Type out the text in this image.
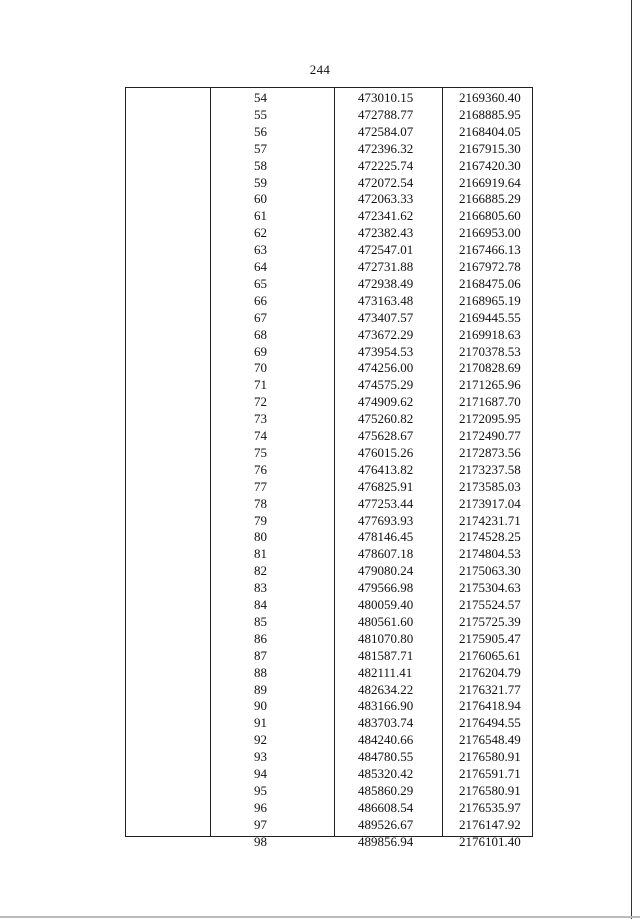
244
54	473010.15	2169360.40
55	472788.77	2168885.95
56	472584.07	2168404.05
57	472396.32	2167915.30
58	472225.74	2167420.30
59	472072.54	2166919.64
60	472063.33	2166885.29
61	472341.62	2166805.60
62	472382.43	2166953.00
63	472547.01	2167466.13
64	472731.88	2167972.78
65	472938.49	2168475.06
66	473163.48	2168965.19
67	473407.57	2169445.55
68	473672.29	2169918.63
69	473954.53	2170378.53
70	474256.00	2170828.69
71	474575.29	2171265.96
72	474909.62	2171687.70
73	475260.82	2172095.95
74	475628.67	2172490.77
75	476015.26	2172873.56
76	476413.82	2173237.58
77	476825.91	2173585.03
78	477253.44	2173917.04
79	477693.93	2174231.71
80	478146.45	2174528.25
81	478607.18	2174804.53
82	479080.24	2175063.30
83	479566.98	2175304.63
84	480059.40	2175524.57
85	480561.60	2175725.39
86	481070.80	2175905.47
87	481587.71	2176065.61
88	482111.41	2176204.79
89	482634.22	2176321.77
90	483166.90	2176418.94
91	483703.74	2176494.55
92	484240.66	2176548.49
93	484780.55	2176580.91
94	485320.42	2176591.71
95	485860.29	2176580.91
96	486608.54	2176535.97
97	489526.67	2176147.92
98	489856.94	2176101.40
